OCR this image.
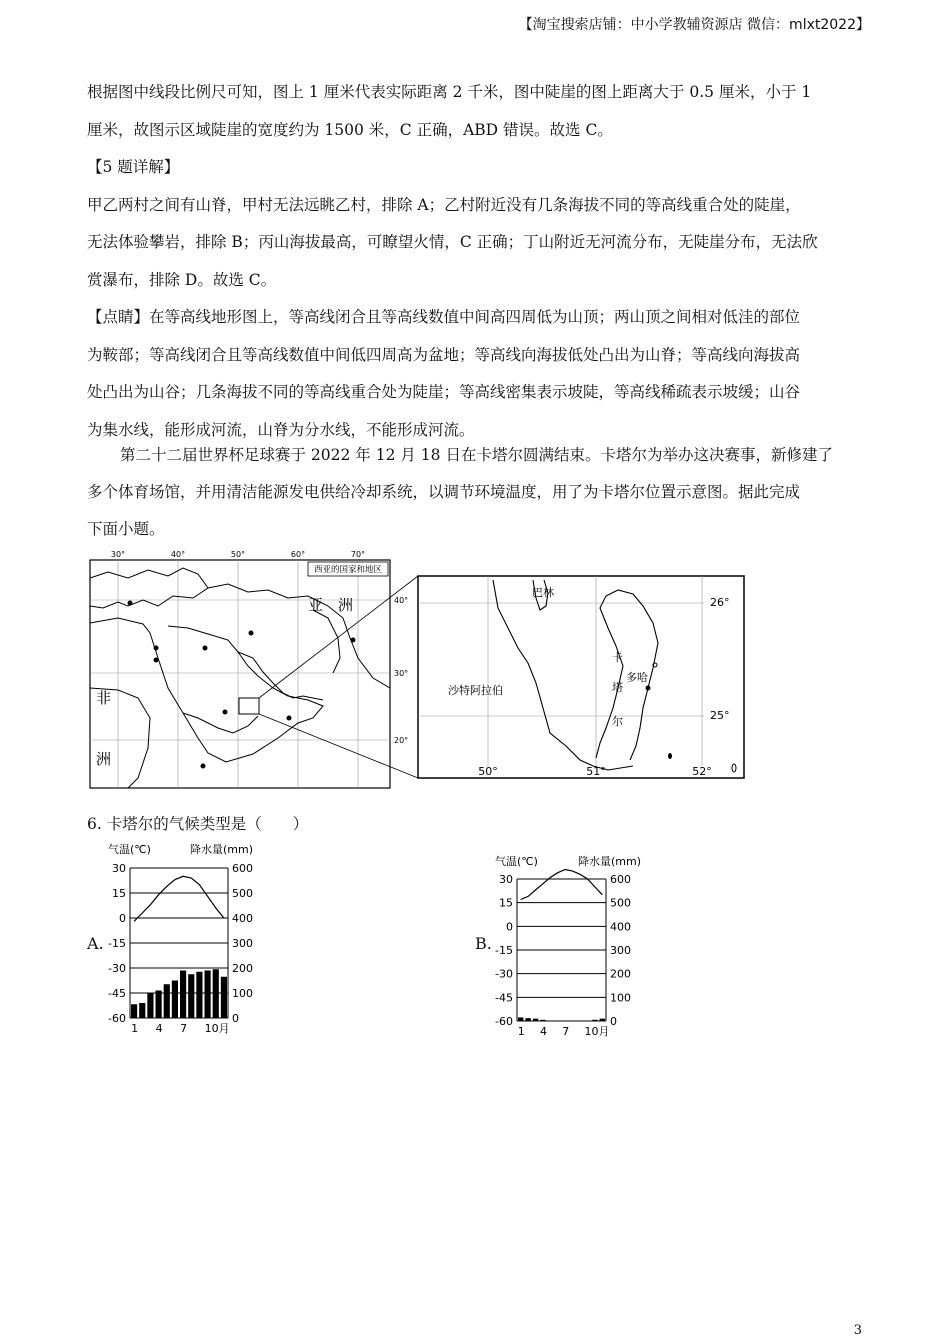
【淘宝搜索店铺：中小学教辅资源店 微信：mlxt2022】

根据图中线段比例尺可知，图上 1 厘米代表实际距离 2 千米，图中陡崖的图上距离大于 0.5 厘米，小于 1

厘米，故图示区域陡崖的宽度约为 1500 米，C 正确，ABD 错误。故选 C。

【5 题详解】

甲乙两村之间有山脊，甲村无法远眺乙村，排除 A；乙村附近没有几条海拔不同的等高线重合处的陡崖，

无法体验攀岩，排除 B；丙山海拔最高，可瞭望火情，C 正确；丁山附近无河流分布，无陡崖分布，无法欣

赏瀑布，排除 D。故选 C。

【点睛】在等高线地形图上，等高线闭合且等高线数值中间高四周低为山顶；两山顶之间相对低洼的部位

为鞍部；等高线闭合且等高线数值中间低四周高为盆地；等高线向海拔低处凸出为山脊；等高线向海拔高

处凸出为山谷；几条海拔不同的等高线重合处为陡崖；等高线密集表示坡陡，等高线稀疏表示坡缓；山谷

为集水线，能形成河流，山脊为分水线，不能形成河流。

第二十二届世界杯足球赛于 2022 年 12 月 18 日在卡塔尔圆满结束。卡塔尔为举办这决赛事，新修建了

多个体育场馆，并用清洁能源发电供给冷却系统，以调节环境温度，用了为卡塔尔位置示意图。据此完成

下面小题。

30°	40°	50°	60°	70°
40°
30°
20°
西亚的国家和地区
亚 洲
非
洲
巴林
卡
塔
尔
多哈
沙特阿拉伯
26°
25°
50°	51°	52°
6. 卡塔尔的气候类型是（　　）
A.	B.
气温(℃)	降水量(mm)
30	600
15	500
0	400
-15	300
-30	200
-45	100
-60	0
1 4 7 10月
气温(℃)	降水量(mm)
30	600
15	500
0	400
-15	300
-30	200
-45	100
-60	0
1 4 7 10月
3
